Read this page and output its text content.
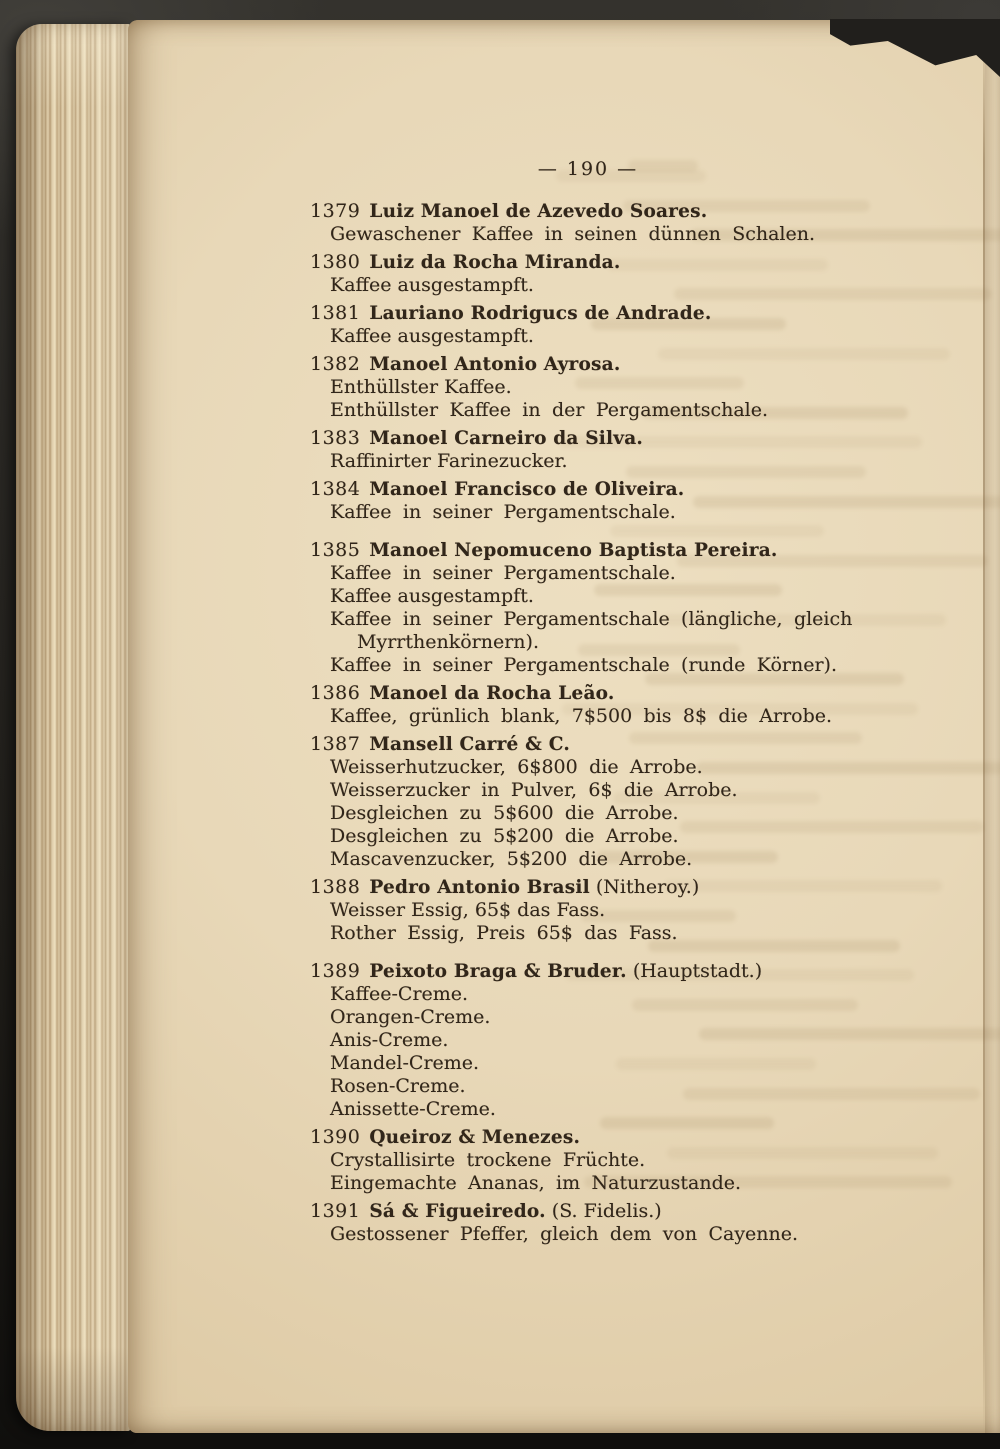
— 190 —
1379 Luiz Manoel de Azevedo Soares.
Gewaschener Kaffee in seinen dünnen Schalen.
1380 Luiz da Rocha Miranda.
Kaffee ausgestampft.
1381 Lauriano Rodrigucs de Andrade.
Kaffee ausgestampft.
1382 Manoel Antonio Ayrosa.
Enthüllster Kaffee.
Enthüllster Kaffee in der Pergamentschale.
1383 Manoel Carneiro da Silva.
Raffinirter Farinezucker.
1384 Manoel Francisco de Oliveira.
Kaffee in seiner Pergamentschale.
1385 Manoel Nepomuceno Baptista Pereira.
Kaffee in seiner Pergamentschale.
Kaffee ausgestampft.
Kaffee in seiner Pergamentschale (längliche, gleich Myrrthenkörnern).
Kaffee in seiner Pergamentschale (runde Körner).
1386 Manoel da Rocha Leão.
Kaffee, grünlich blank, 7$500 bis 8$ die Arrobe.
1387 Mansell Carré & C.
Weisserhutzucker, 6$800 die Arrobe.
Weisserzucker in Pulver, 6$ die Arrobe.
Desgleichen zu 5$600 die Arrobe.
Desgleichen zu 5$200 die Arrobe.
Mascavenzucker, 5$200 die Arrobe.
1388 Pedro Antonio Brasil (Nitheroy.)
Weisser Essig, 65$ das Fass.
Rother Essig, Preis 65$ das Fass.
1389 Peixoto Braga & Bruder. (Hauptstadt.)
Kaffee-Creme.
Orangen-Creme.
Anis-Creme.
Mandel-Creme.
Rosen-Creme.
Anissette-Creme.
1390 Queiroz & Menezes.
Crystallisirte trockene Früchte.
Eingemachte Ananas, im Naturzustande.
1391 Sá & Figueiredo. (S. Fidelis.)
Gestossener Pfeffer, gleich dem von Cayenne.
